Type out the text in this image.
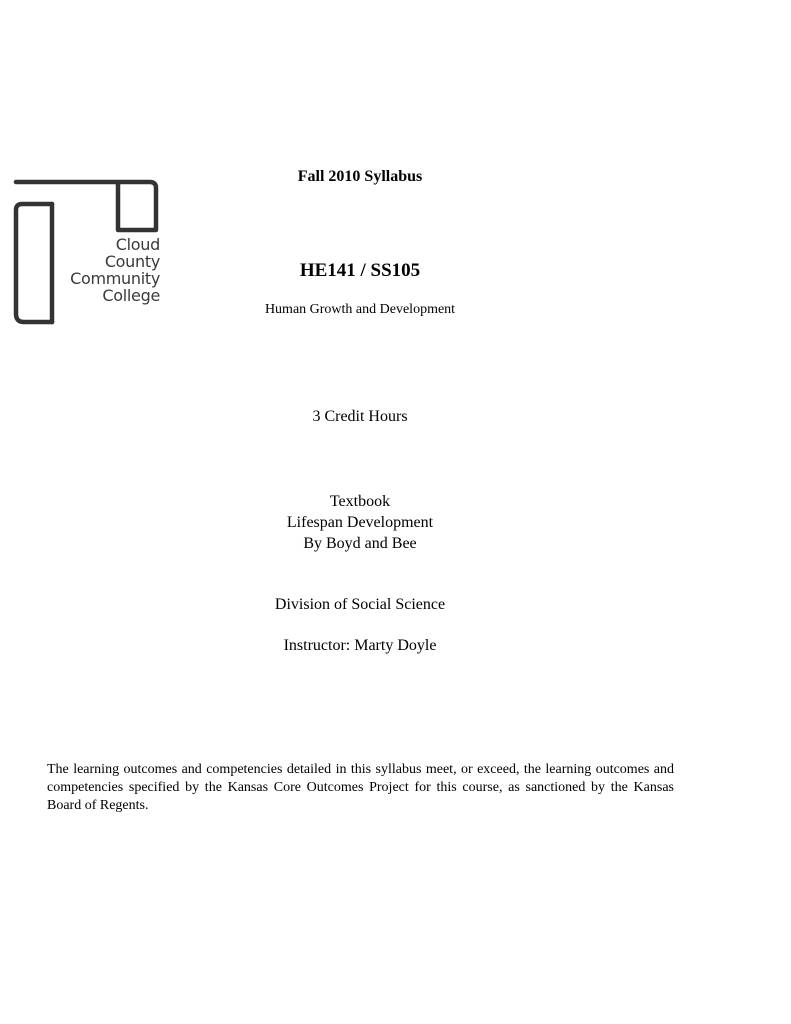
Cloud
County
Community
College
Fall 2010 Syllabus
HE141 / SS105
Human Growth and Development
3 Credit Hours
Textbook
Lifespan Development
By Boyd and Bee
Division of Social Science
Instructor: Marty Doyle
The learning outcomes and competencies detailed in this syllabus meet, or exceed, the learning outcomes and competencies specified by the Kansas Core Outcomes Project for this course, as sanctioned by the Kansas Board of Regents.
